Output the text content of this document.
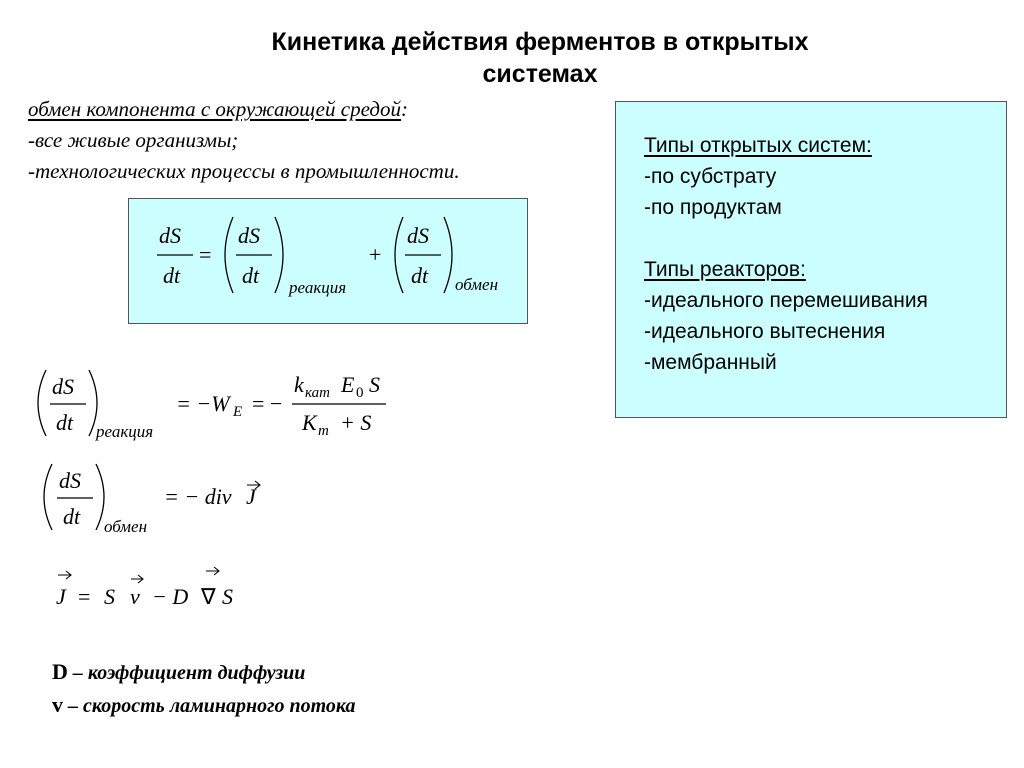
Кинетика действия ферментов в открытых
системах
обмен компонента с окружающей средой:
-все живые организмы;
-технологических процессы в промышленности.
dS
dt
=
dS
dt реакция
+
dS
dt обмен
dS
dt реакция
= −W E = −
k кат E 0 S
K m + S
dS
dt обмен
= − div J
J = S v − D ∇ S
Типы открытых систем:
-по субстрату
-по продуктам
Типы реакторов:
-идеального перемешивания
-идеального вытеснения
-мембранный
D – коэффициент диффузии
v – скорость ламинарного потока
